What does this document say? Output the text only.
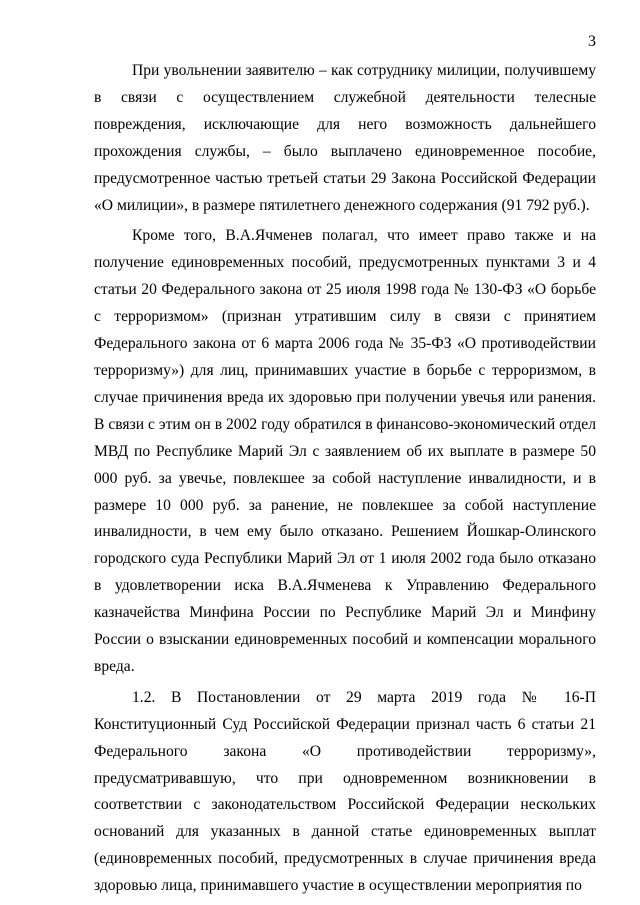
3

При увольнении заявителю – как сотруднику милиции, получившему в связи с осуществлением служебной деятельности телесные повреждения, исключающие для него возможность дальнейшего прохождения службы, – было выплачено единовременное пособие, предусмотренное частью третьей статьи 29 Закона Российской Федерации «О милиции», в размере пятилетнего денежного содержания (91 792 руб.).

Кроме того, В.А.Ячменев полагал, что имеет право также и на получение единовременных пособий, предусмотренных пунктами 3 и 4 статьи 20 Федерального закона от 25 июля 1998 года № 130-ФЗ «О борьбе с терроризмом» (признан утратившим силу в связи с принятием Федерального закона от 6 марта 2006 года № 35-ФЗ «О противодействии терроризму») для лиц, принимавших участие в борьбе с терроризмом, в случае причинения вреда их здоровью при получении увечья или ранения. В связи с этим он в 2002 году обратился в финансово-экономический отдел МВД по Республике Марий Эл с заявлением об их выплате в размере 50 000 руб. за увечье, повлекшее за собой наступление инвалидности, и в размере 10 000 руб. за ранение, не повлекшее за собой наступление инвалидности, в чем ему было отказано. Решением Йошкар-Олинского городского суда Республики Марий Эл от 1 июля 2002 года было отказано в удовлетворении иска В.А.Ячменева к Управлению Федерального казначейства Минфина России по Республике Марий Эл и Минфину России о взыскании единовременных пособий и компенсации морального вреда.

1.2. В Постановлении от 29 марта 2019 года № 16-П Конституционный Суд Российской Федерации признал часть 6 статьи 21 Федерального закона «О противодействии терроризму», предусматривавшую, что при одновременном возникновении в соответствии с законодательством Российской Федерации нескольких оснований для указанных в данной статье единовременных выплат (единовременных пособий, предусмотренных в случае причинения вреда здоровью лица, принимавшего участие в осуществлении мероприятия по
